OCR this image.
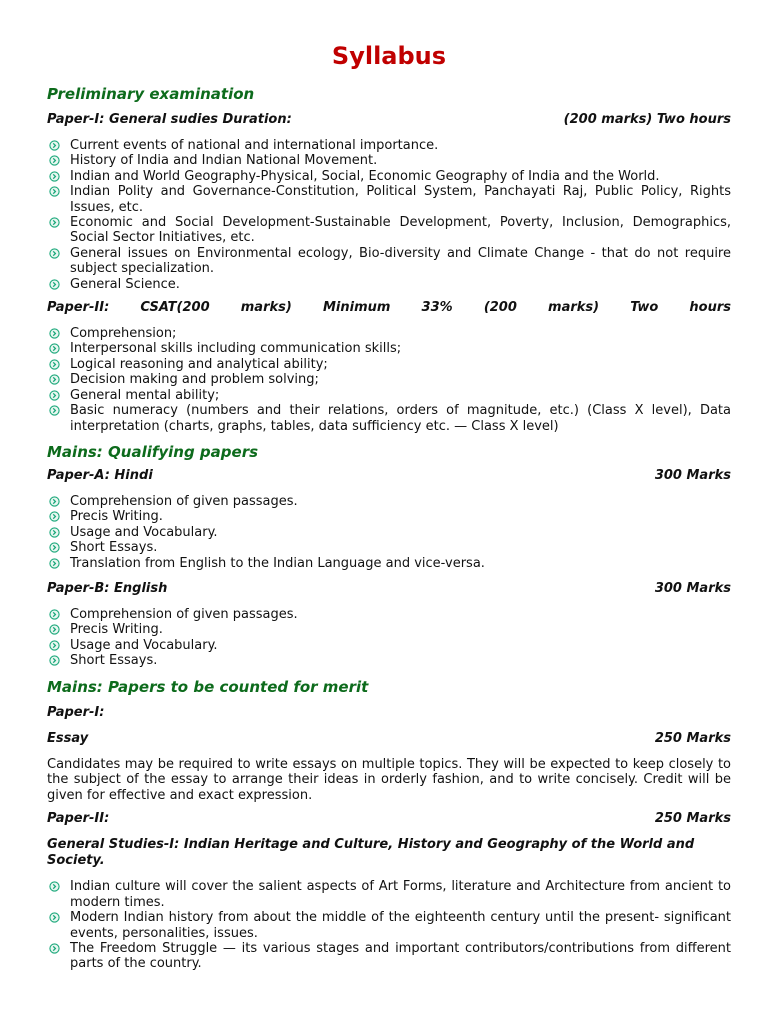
Syllabus
Preliminary examination
Paper-I: General sudies Duration:	(200 marks) Two hours
Current events of national and international importance.
History of India and Indian National Movement.
Indian and World Geography-Physical, Social, Economic Geography of India and the World.
Indian Polity and Governance-Constitution, Political System, Panchayati Raj, Public Policy, Rights Issues, etc.
Economic and Social Development-Sustainable Development, Poverty, Inclusion, Demographics, Social Sector Initiatives, etc.
General issues on Environmental ecology, Bio-diversity and Climate Change - that do not require subject specialization.
General Science.
Paper-II: CSAT(200 marks) Minimum 33% (200 marks) Two hours
Comprehension;
Interpersonal skills including communication skills;
Logical reasoning and analytical ability;
Decision making and problem solving;
General mental ability;
Basic numeracy (numbers and their relations, orders of magnitude, etc.) (Class X level), Data interpretation (charts, graphs, tables, data sufficiency etc. — Class X level)
Mains: Qualifying papers
Paper-A: Hindi	300 Marks
Comprehension of given passages.
Precis Writing.
Usage and Vocabulary.
Short Essays.
Translation from English to the Indian Language and vice-versa.
Paper-B: English	300 Marks
Comprehension of given passages.
Precis Writing.
Usage and Vocabulary.
Short Essays.
Mains: Papers to be counted for merit
Paper-I:
Essay	250 Marks

Candidates may be required to write essays on multiple topics. They will be expected to keep closely to the subject of the essay to arrange their ideas in orderly fashion, and to write concisely. Credit will be given for effective and exact expression.

Paper-II:	250 Marks
General Studies-I: Indian Heritage and Culture, History and Geography of the World and Society.
Indian culture will cover the salient aspects of Art Forms, literature and Architecture from ancient to modern times.
Modern Indian history from about the middle of the eighteenth century until the present- significant events, personalities, issues.
The Freedom Struggle — its various stages and important contributors/contributions from different parts of the country.
